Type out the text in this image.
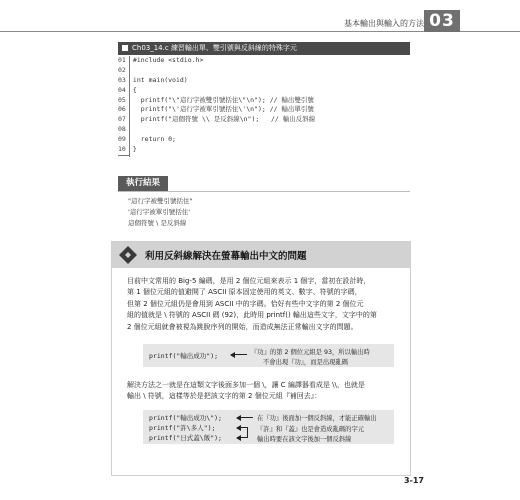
基本輸出與輸入的方法 03
Ch03_14.c 練習輸出單、雙引號與反斜線的特殊字元
01 #include <stdio.h>
02
03 int main(void)
04 {
05   printf("\"這行字被雙引號括住\"\n"); // 輸出雙引號
06   printf("\'這行字被單引號括住\'\n"); // 輸出單引號
07   printf("這個符號 \\ 是反斜線\n");   // 輸出反斜線
08
09   return 0;
10 }
執行結果
"這行字被雙引號括住"
'這行字被單引號括住'
這個符號 \ 是反斜線
利用反斜線解決在螢幕輸出中文的問題
目前中文常用的 Big-5 編碼，是用 2 個位元組來表示 1 個字，當初在設計時，
第 1 個位元組的值避開了 ASCII 原本固定使用的英文、數字、符號的字碼，
但第 2 個位元組仍是會用到 ASCII 中的字碼。恰好有些中文字的第 2 個位元
組的值就是 \ 符號的 ASCII 碼 (92)，此時用 printf() 輸出這些文字，文字中的第
2 個位元組就會被視為跳脫序列的開始，而造成無法正常輸出文字的問題。
printf("輸出成功");	『功』的第 2 個位元組是 93，所以輸出時
不會出現『功』，而是出現亂碼
解決方法之一就是在這類文字後面多加一個 \，讓 C 編譯器看成是 \\，也就是
輸出 \ 符號，這樣等於是把該文字的第 2 個位元組『補回去』：
printf("輸出成功\");
printf("許\多人");
printf("日式蓋\飯");
在『功』後面加一個反斜線，才能正確輸出
『許』和『蓋』也是會造成亂碼的字元
輸出時要在該文字後加一個反斜線
3-17
